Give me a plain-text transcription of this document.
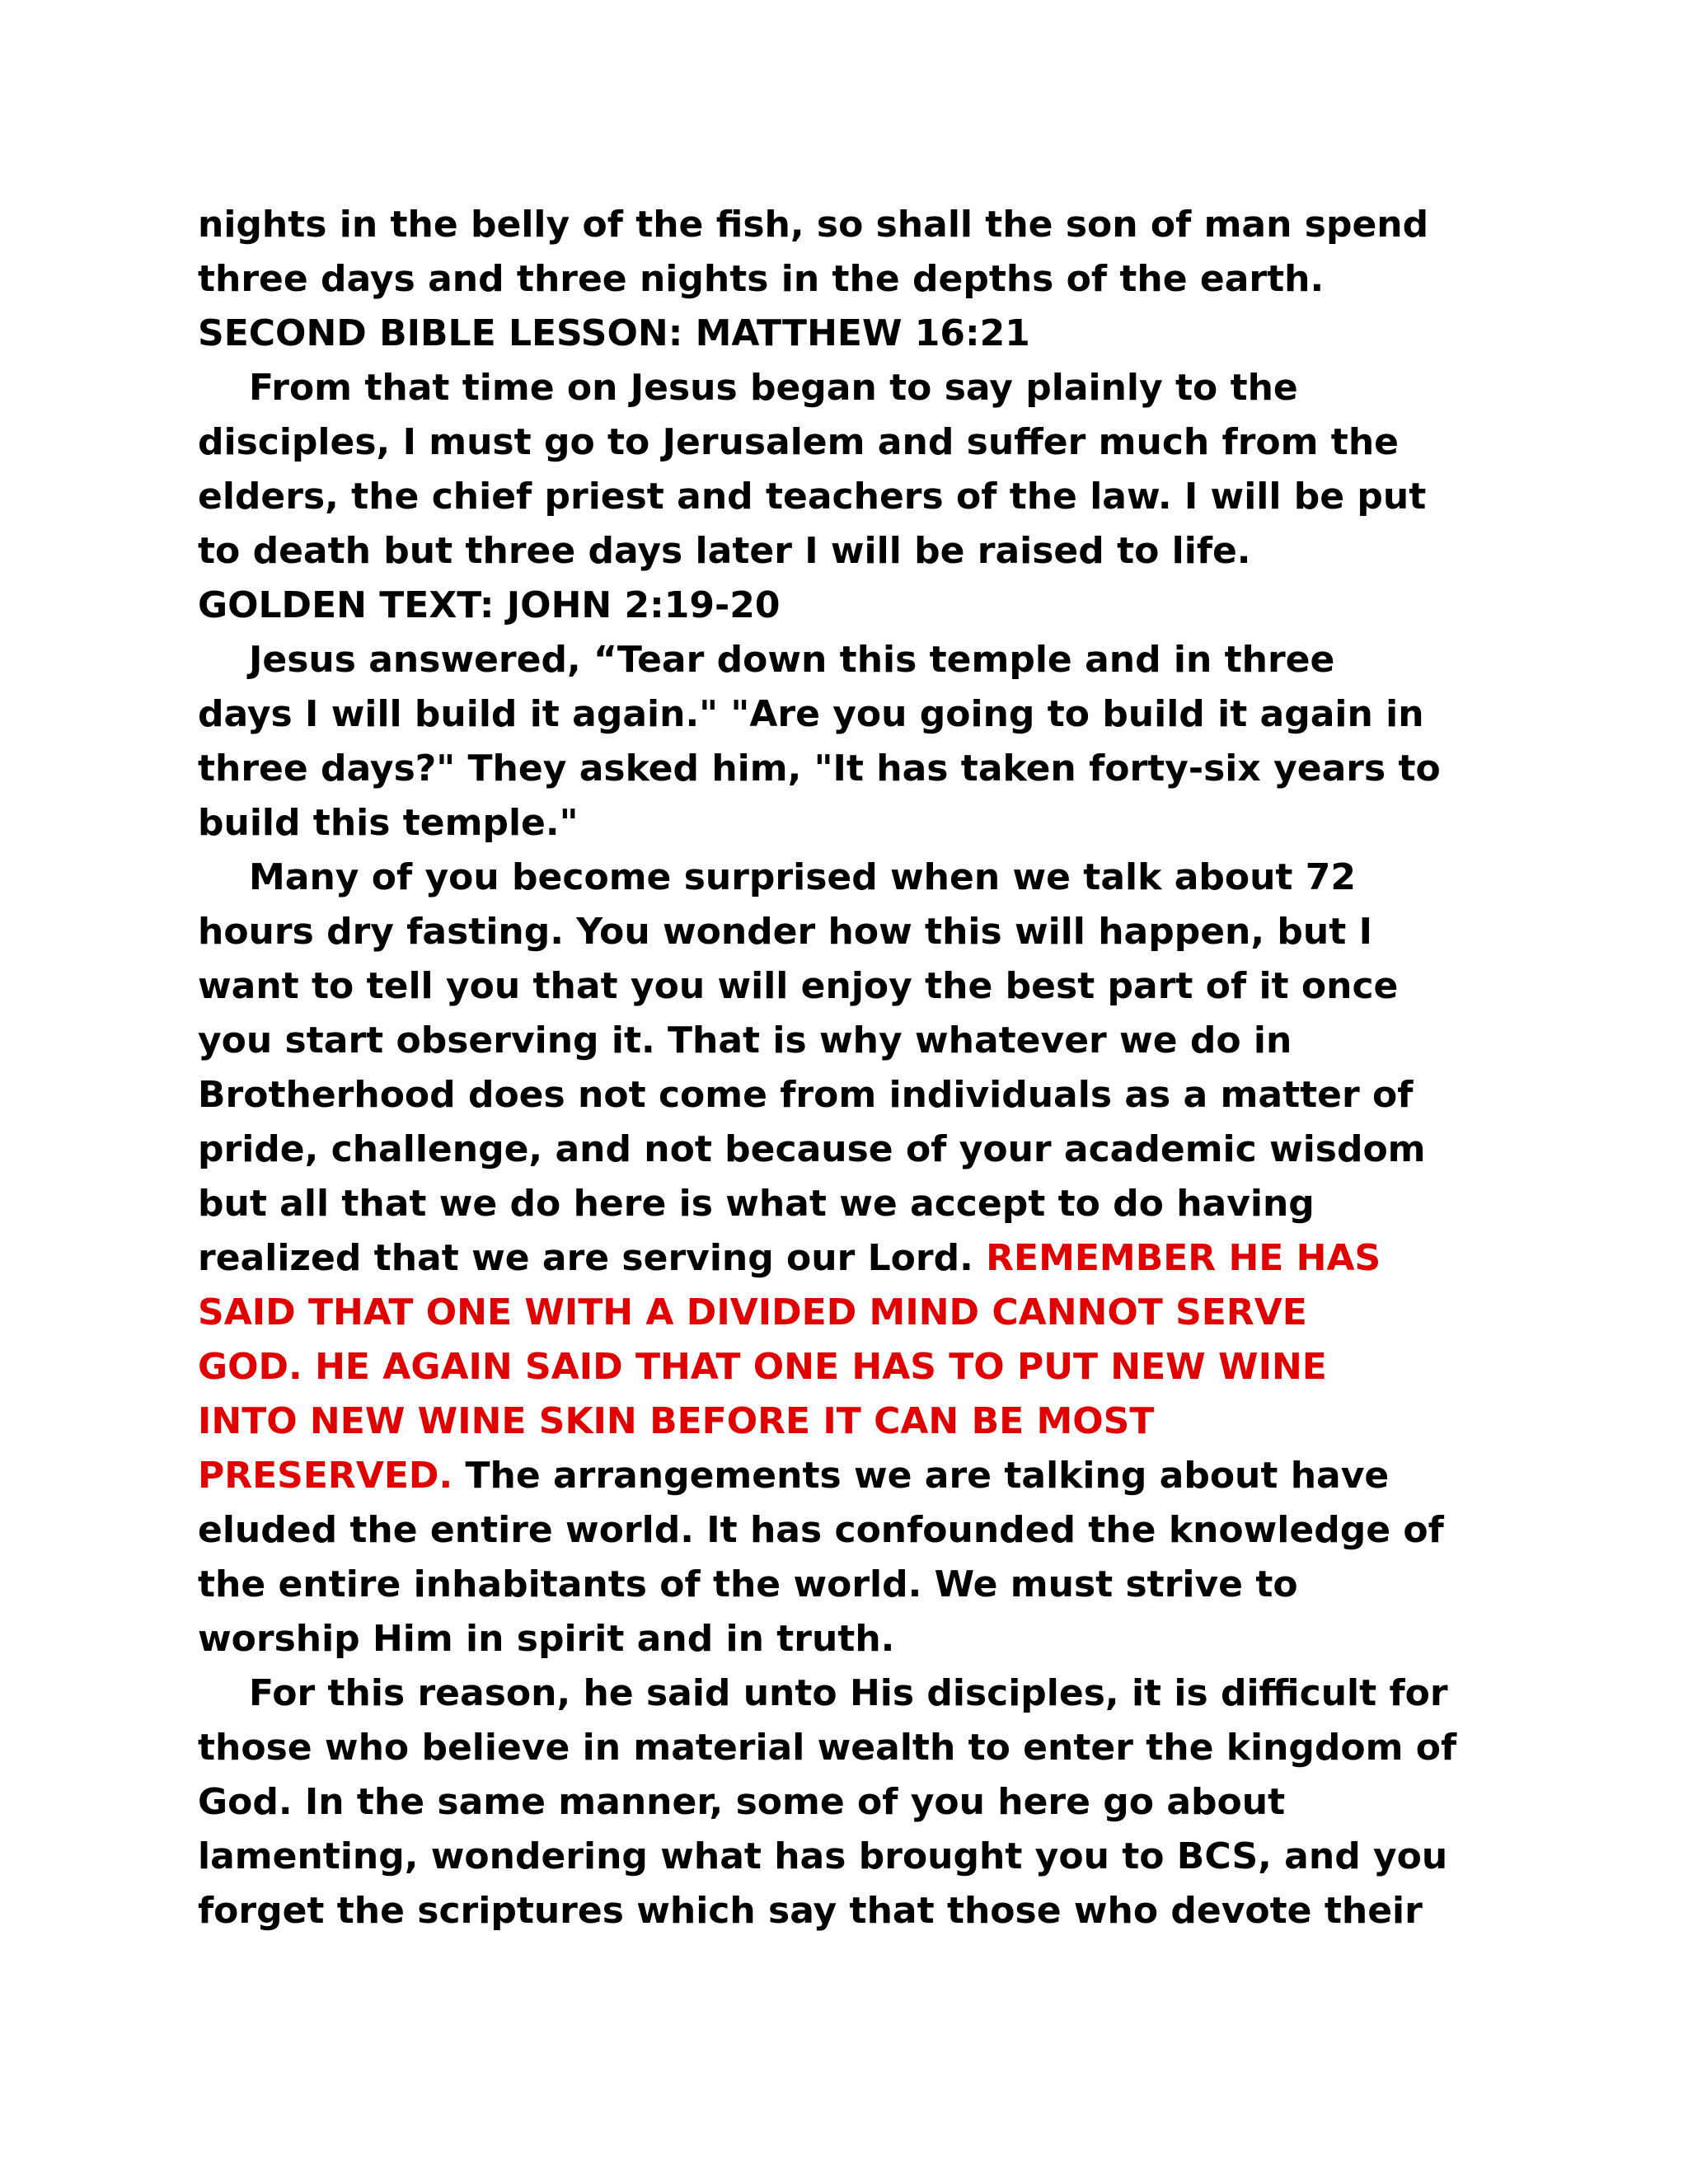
nights in the belly of the fish, so shall the son of man spend
three days and three nights in the depths of the earth.
SECOND BIBLE LESSON: MATTHEW 16:21
From that time on Jesus began to say plainly to the
disciples, I must go to Jerusalem and suffer much from the
elders, the chief priest and teachers of the law. I will be put
to death but three days later I will be raised to life.
GOLDEN TEXT: JOHN 2:19-20
Jesus answered, “Tear down this temple and in three
days I will build it again." "Are you going to build it again in
three days?" They asked him, "It has taken forty-six years to
build this temple."
Many of you become surprised when we talk about 72
hours dry fasting. You wonder how this will happen, but I
want to tell you that you will enjoy the best part of it once
you start observing it. That is why whatever we do in
Brotherhood does not come from individuals as a matter of
pride, challenge, and not because of your academic wisdom
but all that we do here is what we accept to do having
realized that we are serving our Lord. REMEMBER HE HAS
SAID THAT ONE WITH A DIVIDED MIND CANNOT SERVE
GOD. HE AGAIN SAID THAT ONE HAS TO PUT NEW WINE
INTO NEW WINE SKIN BEFORE IT CAN BE MOST
PRESERVED. The arrangements we are talking about have
eluded the entire world. It has confounded the knowledge of
the entire inhabitants of the world. We must strive to
worship Him in spirit and in truth.
For this reason, he said unto His disciples, it is difficult for
those who believe in material wealth to enter the kingdom of
God. In the same manner, some of you here go about
lamenting, wondering what has brought you to BCS, and you
forget the scriptures which say that those who devote their
